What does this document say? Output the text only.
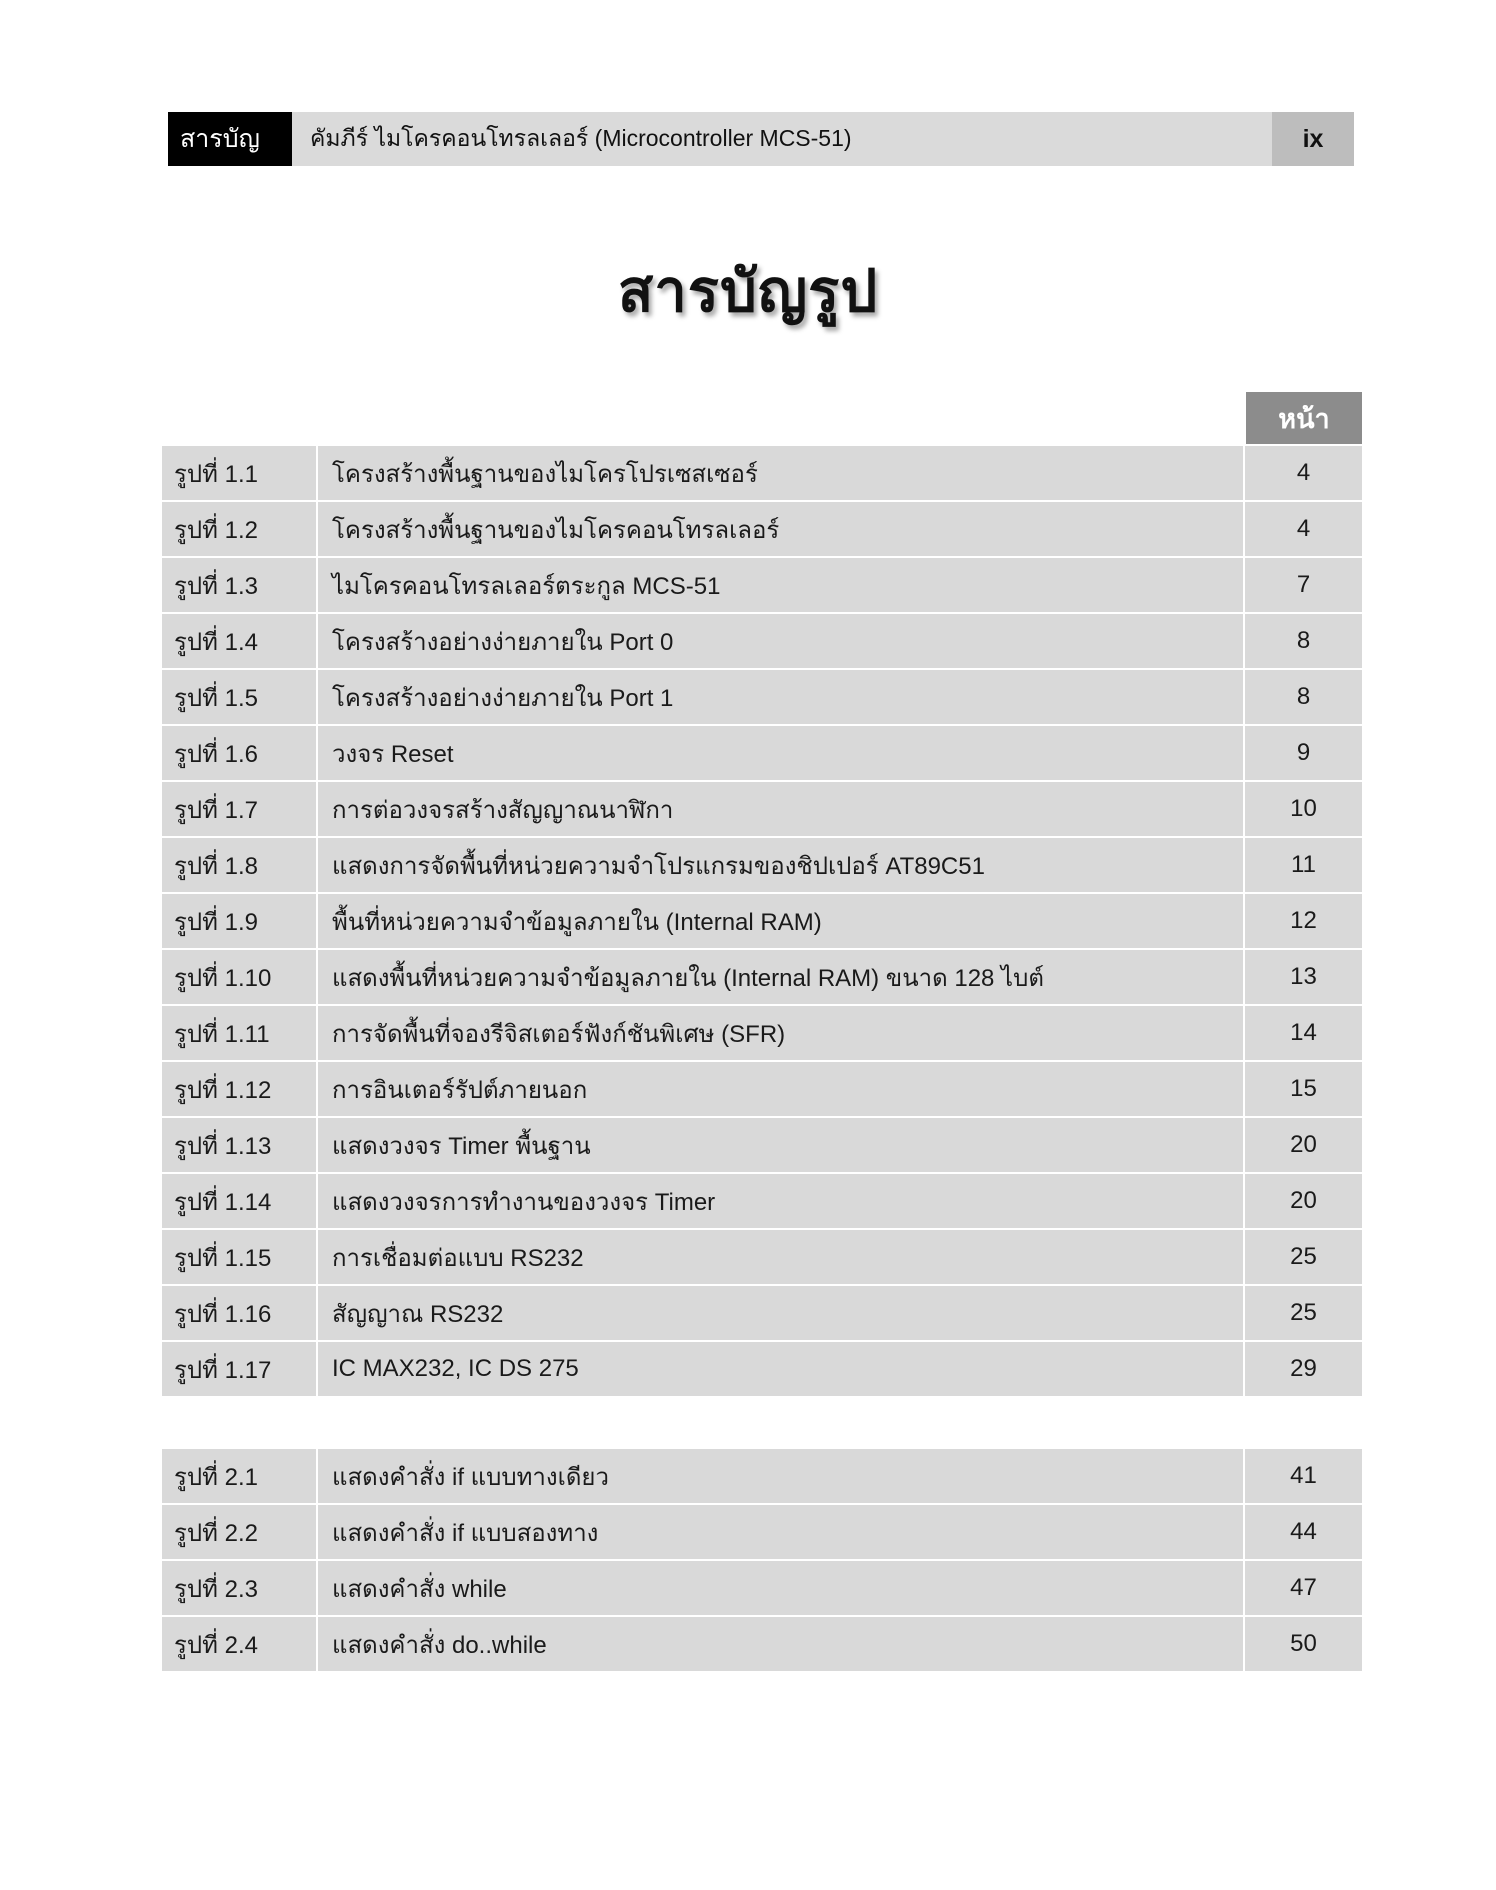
สารบัญ	คัมภีร์ ไมโครคอนโทรลเลอร์ (Microcontroller MCS-51)	ix
สารบัญรูป
หน้า
รูปที่ 1.1	โครงสร้างพื้นฐานของไมโครโปรเซสเซอร์	4
รูปที่ 1.2	โครงสร้างพื้นฐานของไมโครคอนโทรลเลอร์	4
รูปที่ 1.3	ไมโครคอนโทรลเลอร์ตระกูล MCS-51	7
รูปที่ 1.4	โครงสร้างอย่างง่ายภายใน Port 0	8
รูปที่ 1.5	โครงสร้างอย่างง่ายภายใน Port 1	8
รูปที่ 1.6	วงจร Reset	9
รูปที่ 1.7	การต่อวงจรสร้างสัญญาณนาฬิกา	10
รูปที่ 1.8	แสดงการจัดพื้นที่หน่วยความจำโปรแกรมของชิปเปอร์ AT89C51	11
รูปที่ 1.9	พื้นที่หน่วยความจำข้อมูลภายใน (Internal RAM)	12
รูปที่ 1.10	แสดงพื้นที่หน่วยความจำข้อมูลภายใน (Internal RAM) ขนาด 128 ไบต์	13
รูปที่ 1.11	การจัดพื้นที่จองรีจิสเตอร์ฟังก์ชันพิเศษ (SFR)	14
รูปที่ 1.12	การอินเตอร์รัปต์ภายนอก	15
รูปที่ 1.13	แสดงวงจร Timer พื้นฐาน	20
รูปที่ 1.14	แสดงวงจรการทำงานของวงจร Timer	20
รูปที่ 1.15	การเชื่อมต่อแบบ RS232	25
รูปที่ 1.16	สัญญาณ RS232	25
รูปที่ 1.17	IC MAX232, IC DS 275	29
รูปที่ 2.1	แสดงคำสั่ง if แบบทางเดียว	41
รูปที่ 2.2	แสดงคำสั่ง if แบบสองทาง	44
รูปที่ 2.3	แสดงคำสั่ง while	47
รูปที่ 2.4	แสดงคำสั่ง do..while	50
